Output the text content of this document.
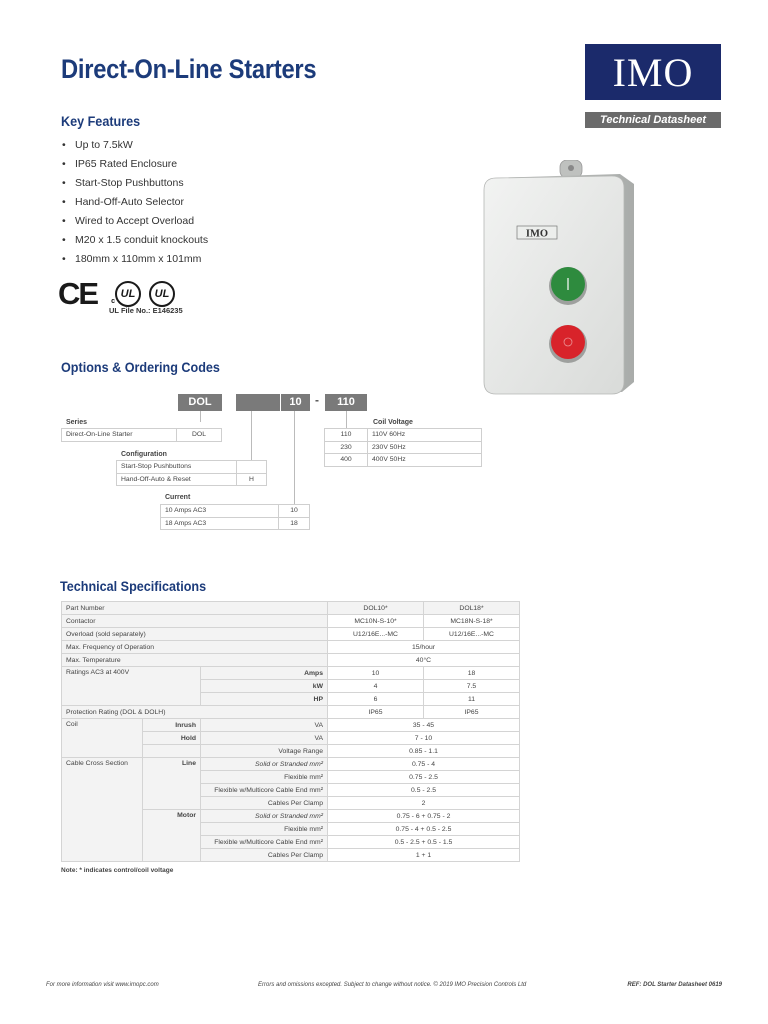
Direct-On-Line Starters	IMO
Technical Datasheet
Key Features
• Up to 7.5kW
• IP65 Rated Enclosure
• Start-Stop Pushbuttons
• Hand-Off-Auto Selector
• Wired to Accept Overload
• M20 x 1.5 conduit knockouts
• 180mm x 110mm x 101mm
CE c
UL	UL
UL File No.: E146235
IMO
Options & Ordering Codes
DOL	10	-	110
Series
Direct-On-Line Starter	DOL
Configuration
Start-Stop Pushbuttons	
Hand-Off-Auto & Reset	H
Current
10 Amps AC3	10
18 Amps AC3	18
Coil Voltage
110	110V 60Hz
230	230V 50Hz
400	400V 50Hz
Technical Specifications
Part Number			DOL10*	DOL18*
Contactor			MC10N-S-10*	MC18N-S-18*
Overload (sold separately)			U12/16E...-MC	U12/16E...-MC
Max. Frequency of Operation			15/hour	
Max. Temperature			40°C	
Ratings AC3 at 400V		Amps	10	18
		kW	4	7.5
		HP	6	11
Protection Rating (DOL & DOLH)			IP65	IP65
Coil	Inrush	VA	35 - 45	
	Hold	VA	7 - 10	
		Voltage Range	0.85 - 1.1	
Cable Cross Section	Line	Solid or Stranded mm²	0.75 - 4	
		Flexible mm²	0.75 - 2.5	
		Flexible w/Multicore Cable End mm²	0.5 - 2.5	
		Cables Per Clamp	2	
	Motor	Solid or Stranded mm²	0.75 - 6 + 0.75 - 2	
		Flexible mm²	0.75 - 4 + 0.5 - 2.5	
		Flexible w/Multicore Cable End mm²	0.5 - 2.5 + 0.5 - 1.5	
		Cables Per Clamp	1 + 1	
Note: * indicates control/coil voltage
For more information visit www.imopc.com	Errors and omissions excepted. Subject to change without notice. © 2019 IMO Precision Controls Ltd	REF: DOL Starter Datasheet 0619
